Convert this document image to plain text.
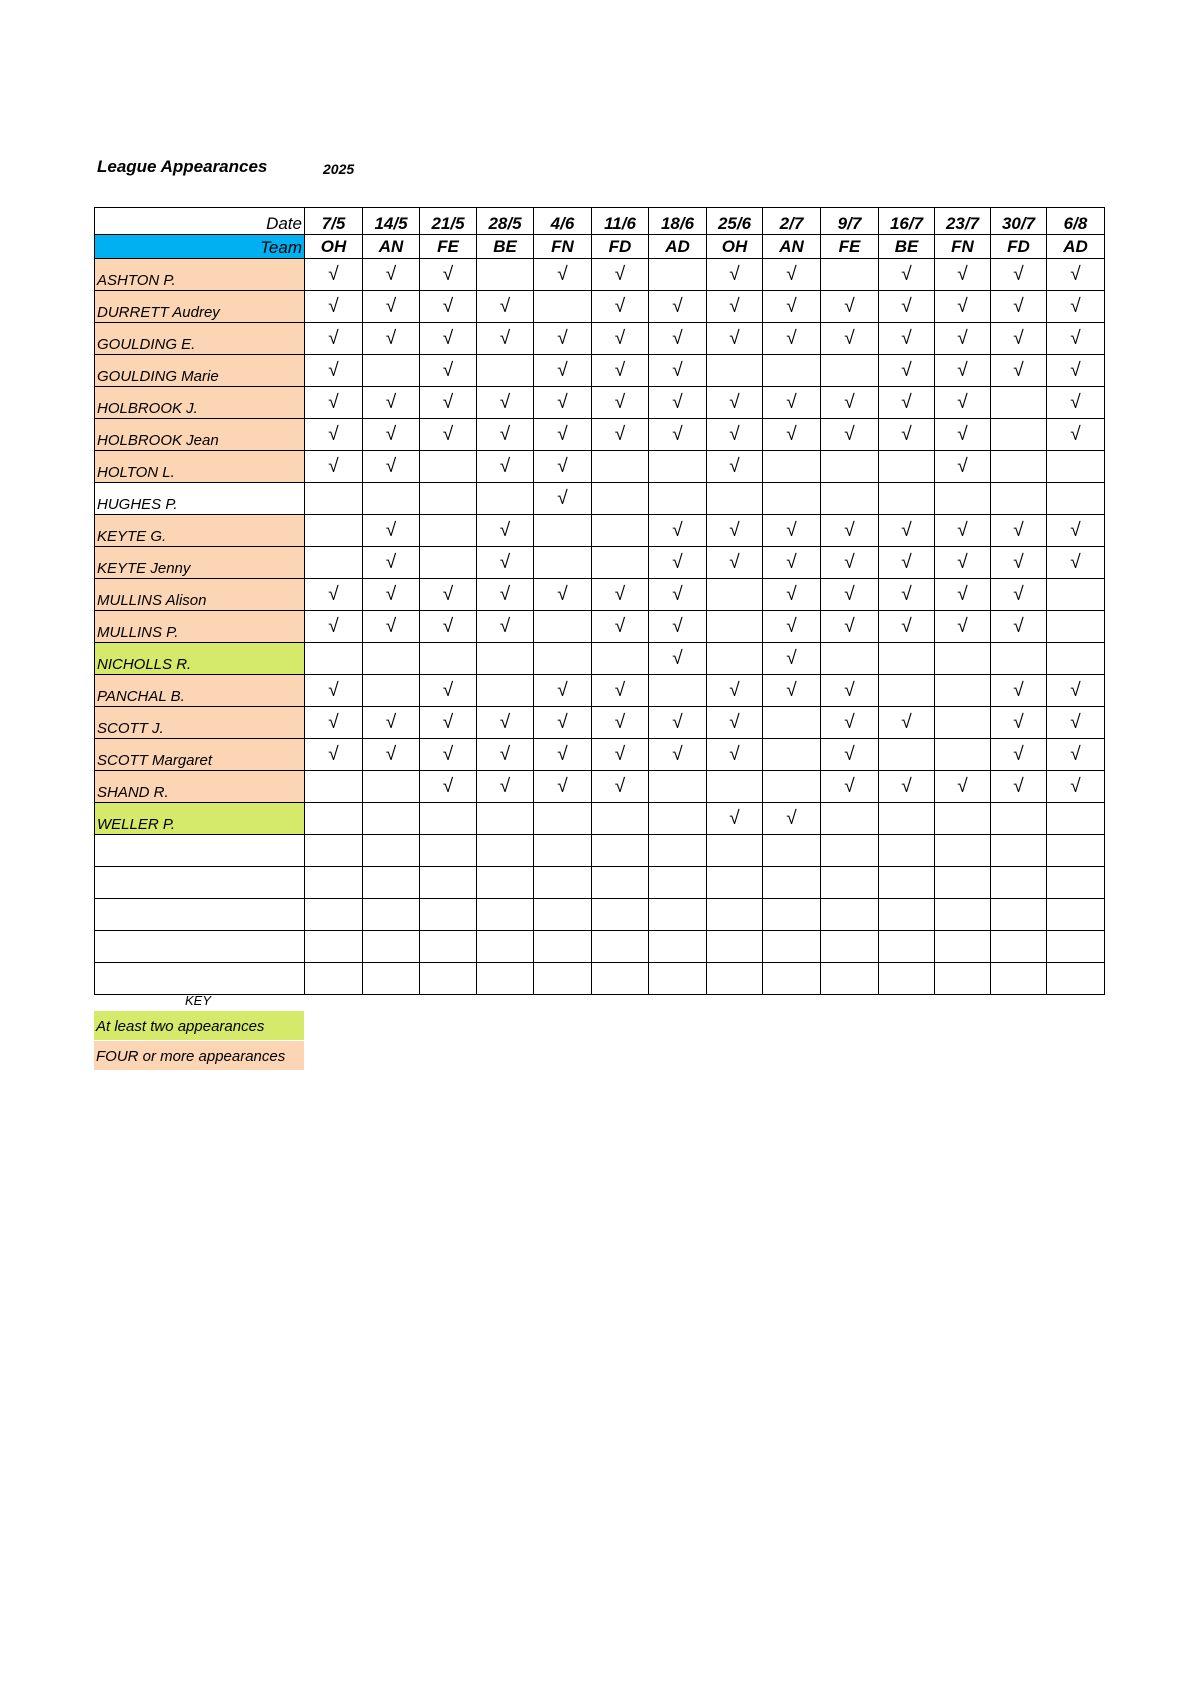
League Appearances	2025
Date	7/5	14/5	21/5	28/5	4/6	11/6	18/6	25/6	2/7	9/7	16/7	23/7	30/7	6/8
Team	OH	AN	FE	BE	FN	FD	AD	OH	AN	FE	BE	FN	FD	AD
ASHTON P.	√	√	√		√	√		√	√		√	√	√	√
DURRETT Audrey	√	√	√	√		√	√	√	√	√	√	√	√	√
GOULDING E.	√	√	√	√	√	√	√	√	√	√	√	√	√	√
GOULDING Marie	√		√		√	√	√				√	√	√	√
HOLBROOK J.	√	√	√	√	√	√	√	√	√	√	√	√		√
HOLBROOK Jean	√	√	√	√	√	√	√	√	√	√	√	√		√
HOLTON L.	√	√		√	√			√				√		
HUGHES P.					√									
KEYTE G.		√		√			√	√	√	√	√	√	√	√
KEYTE Jenny		√		√			√	√	√	√	√	√	√	√
MULLINS Alison	√	√	√	√	√	√	√		√	√	√	√	√	
MULLINS P.	√	√	√	√		√	√		√	√	√	√	√	
NICHOLLS R.							√		√					
PANCHAL B.	√		√		√	√		√	√	√			√	√
SCOTT J.	√	√	√	√	√	√	√	√		√	√		√	√
SCOTT Margaret	√	√	√	√	√	√	√	√		√			√	√
SHAND R.			√	√	√	√				√	√	√	√	√
WELLER P.								√	√					

KEY
At least two appearances
FOUR or more appearances
